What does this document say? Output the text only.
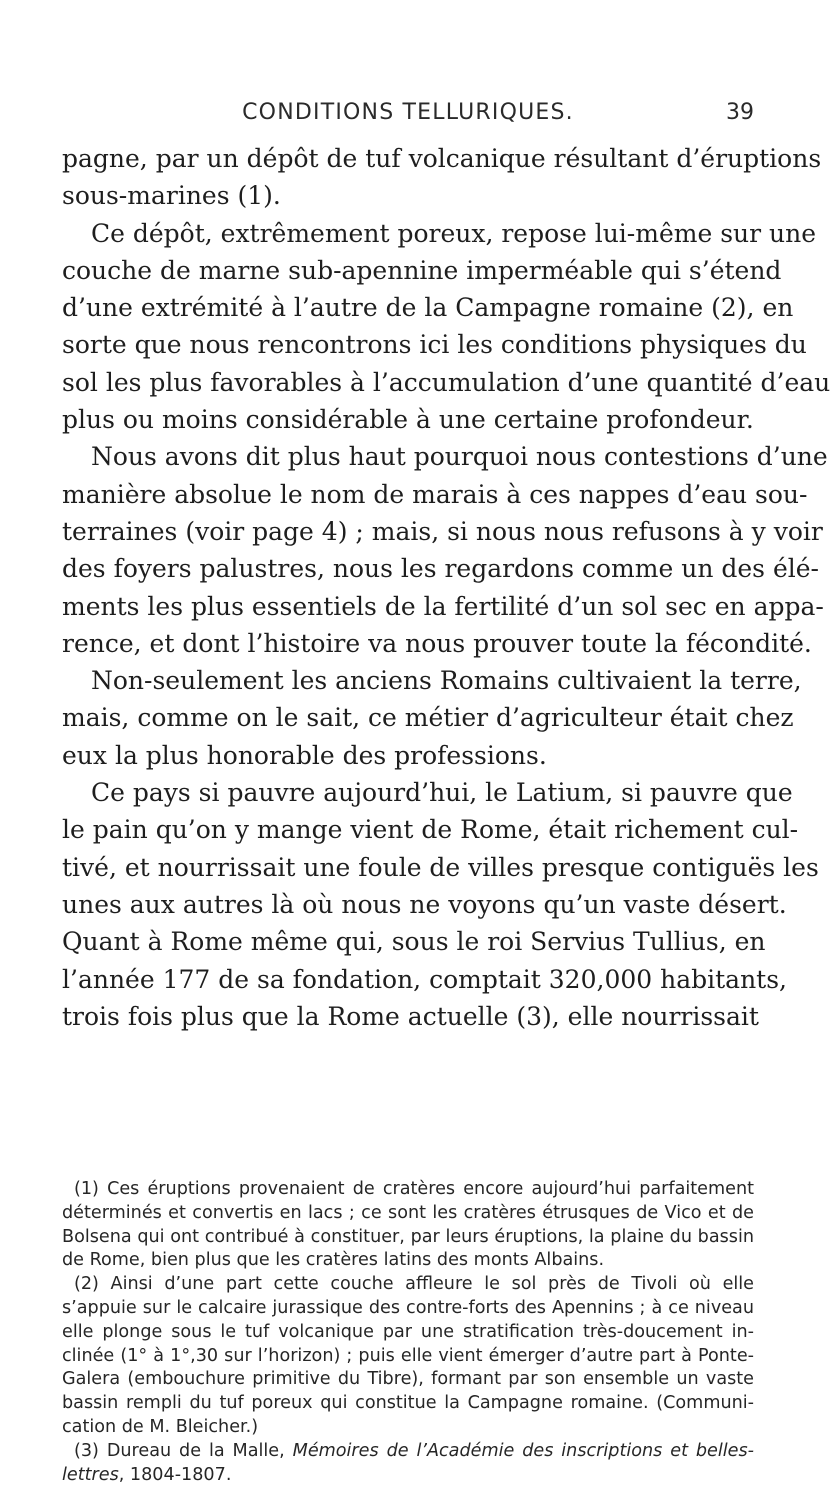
CONDITIONS TELLURIQUES.	39
pagne, par un dépôt de tuf volcanique résultant d’éruptions
sous-marines (1).
Ce dépôt, extrêmement poreux, repose lui-même sur une
couche de marne sub-apennine imperméable qui s’étend
d’une extrémité à l’autre de la Campagne romaine (2), en
sorte que nous rencontrons ici les conditions physiques du
sol les plus favorables à l’accumulation d’une quantité d’eau
plus ou moins considérable à une certaine profondeur.
Nous avons dit plus haut pourquoi nous contestions d’une
manière absolue le nom de marais à ces nappes d’eau sou-
terraines (voir page 4) ; mais, si nous nous refusons à y voir
des foyers palustres, nous les regardons comme un des élé-
ments les plus essentiels de la fertilité d’un sol sec en appa-
rence, et dont l’histoire va nous prouver toute la fécondité.
Non-seulement les anciens Romains cultivaient la terre,
mais, comme on le sait, ce métier d’agriculteur était chez
eux la plus honorable des professions.
Ce pays si pauvre aujourd’hui, le Latium, si pauvre que
le pain qu’on y mange vient de Rome, était richement cul-
tivé, et nourrissait une foule de villes presque contiguës les
unes aux autres là où nous ne voyons qu’un vaste désert.
Quant à Rome même qui, sous le roi Servius Tullius, en
l’année 177 de sa fondation, comptait 320,000 habitants,
trois fois plus que la Rome actuelle (3), elle nourrissait
(1) Ces éruptions provenaient de cratères encore aujourd’hui parfaitement
déterminés et convertis en lacs ; ce sont les cratères étrusques de Vico et de
Bolsena qui ont contribué à constituer, par leurs éruptions, la plaine du bassin
de Rome, bien plus que les cratères latins des monts Albains.
(2) Ainsi d’une part cette couche affleure le sol près de Tivoli où elle
s’appuie sur le calcaire jurassique des contre-forts des Apennins ; à ce niveau
elle plonge sous le tuf volcanique par une stratification très-doucement in-
clinée (1° à 1°,30 sur l’horizon) ; puis elle vient émerger d’autre part à Ponte-
Galera (embouchure primitive du Tibre), formant par son ensemble un vaste
bassin rempli du tuf poreux qui constitue la Campagne romaine. (Communi-
cation de M. Bleicher.)
(3) Dureau de la Malle, Mémoires de l’Académie des inscriptions et belles-
lettres, 1804-1807.
